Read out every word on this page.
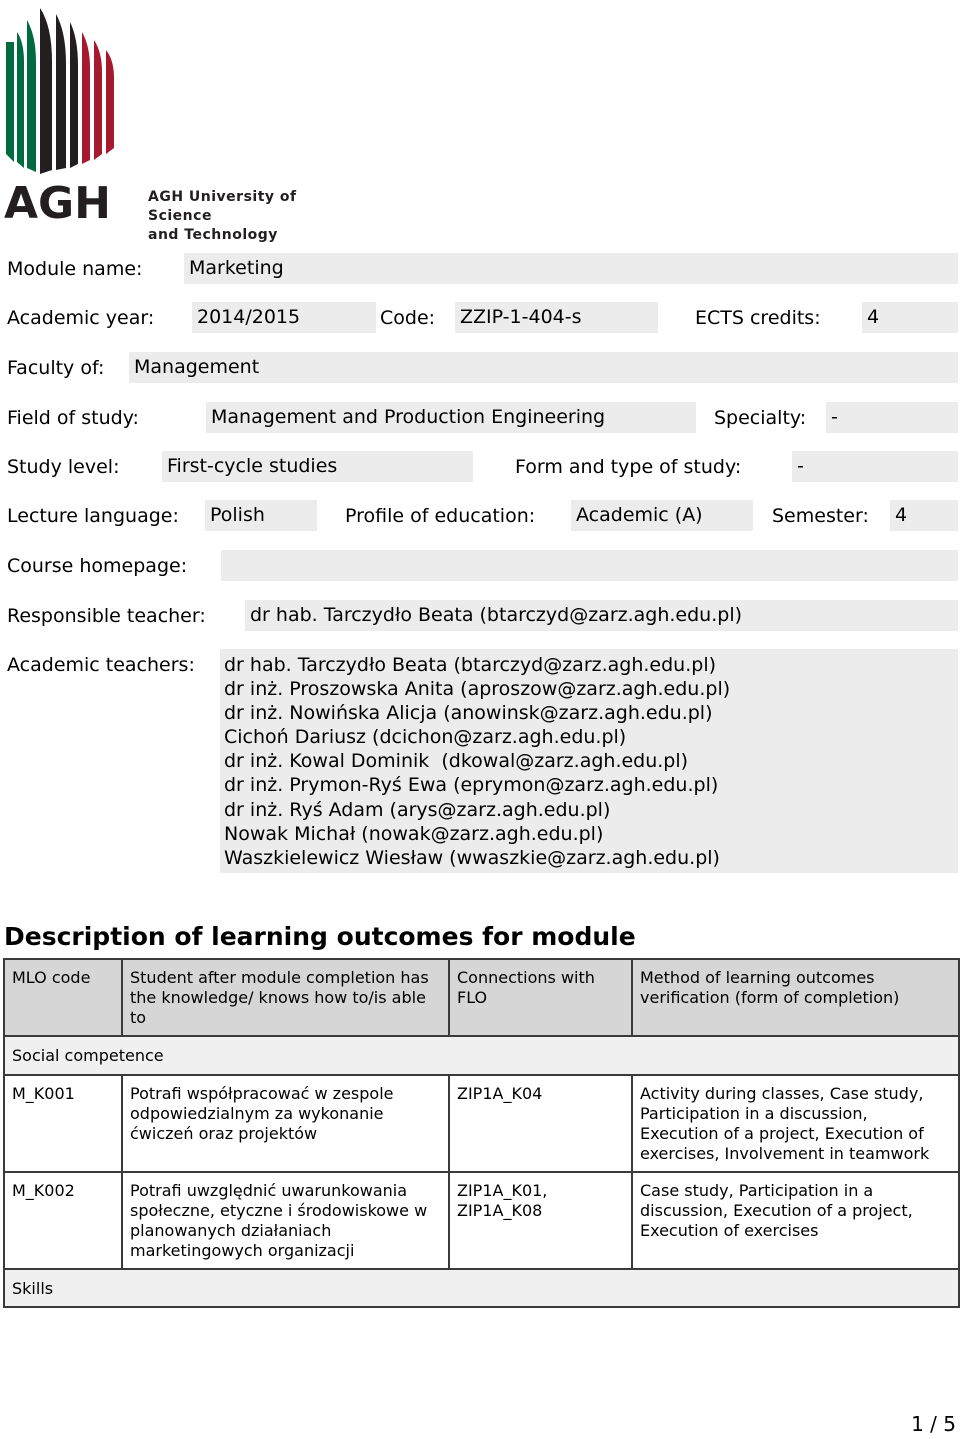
AGH	AGH University of Science
and Technology
Module name: Marketing
Academic year: 2014/2015	Code: ZZIP-1-404-s	ECTS credits: 4
Faculty of: Management
Field of study:	Management and Production Engineering	Specialty: -
Study level:	First-cycle studies	Form and type of study:	-
Lecture language: Polish	Profile of education: Academic (A)	Semester: 4
Course homepage:
Responsible teacher: dr hab. Tarczydło Beata (btarczyd@zarz.agh.edu.pl)
Academic teachers: dr hab. Tarczydło Beata (btarczyd@zarz.agh.edu.pl)
dr inż. Proszowska Anita (aproszow@zarz.agh.edu.pl)
dr inż. Nowińska Alicja (anowinsk@zarz.agh.edu.pl)
Cichoń Dariusz (dcichon@zarz.agh.edu.pl)
dr inż. Kowal Dominik  (dkowal@zarz.agh.edu.pl)
dr inż. Prymon-Ryś Ewa (eprymon@zarz.agh.edu.pl)
dr inż. Ryś Adam (arys@zarz.agh.edu.pl)
Nowak Michał (nowak@zarz.agh.edu.pl)
Waszkielewicz Wiesław (wwaszkie@zarz.agh.edu.pl)
Description of learning outcomes for module
MLO code	Student after module completion has the knowledge/ knows how to/is able to	Connections with FLO	Method of learning outcomes verification (form of completion)
Social competence			
M_K001	Potrafi współpracować w zespole odpowiedzialnym za wykonanie ćwiczeń oraz projektów	ZIP1A_K04	Activity during classes, Case study, Participation in a discussion, Execution of a project, Execution of exercises, Involvement in teamwork
M_K002	Potrafi uwzględnić uwarunkowania społeczne, etyczne i środowiskowe w planowanych działaniach marketingowych organizacji	ZIP1A_K01, ZIP1A_K08	Case study, Participation in a discussion, Execution of a project, Execution of exercises
Skills			
1 / 5
